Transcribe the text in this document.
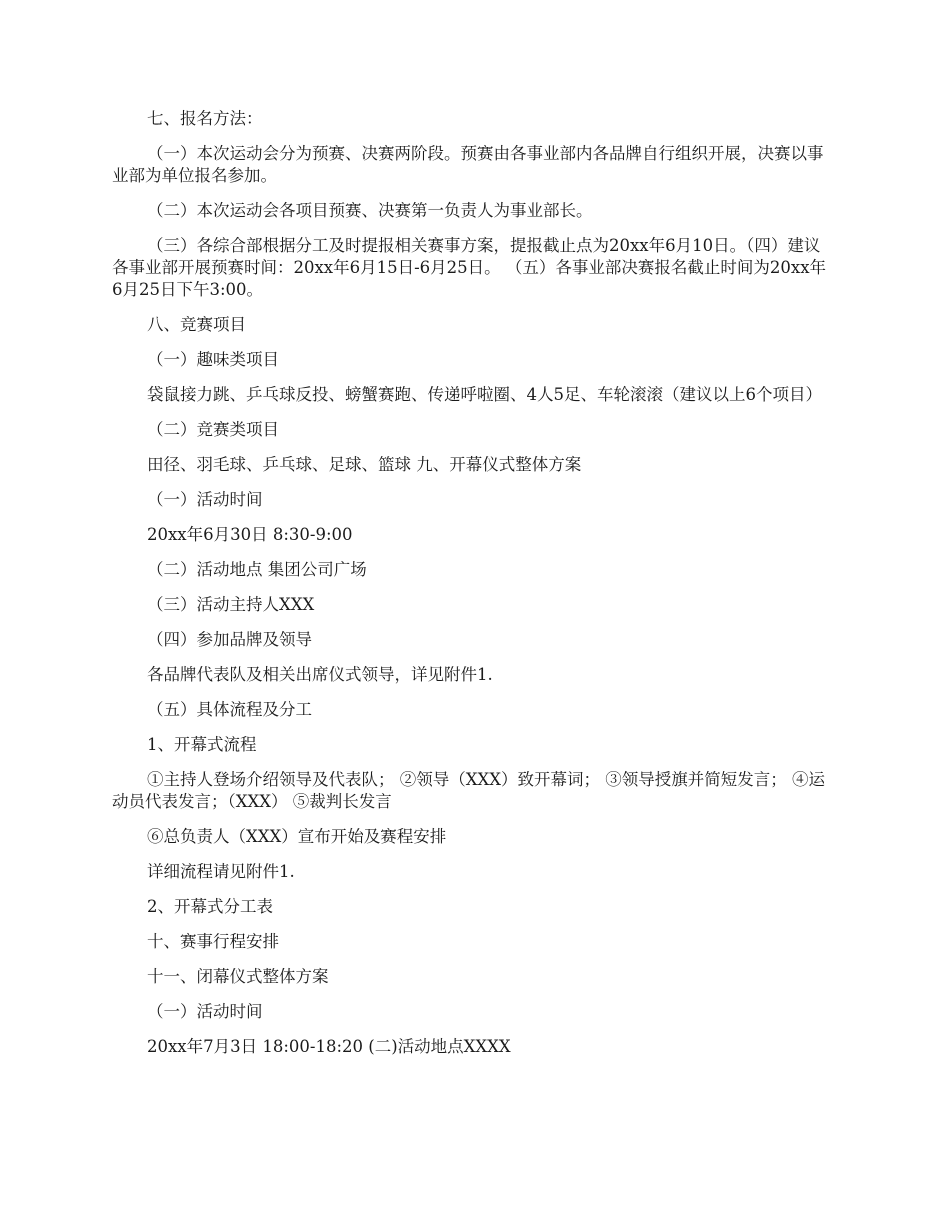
七、报名方法：

（一）本次运动会分为预赛、决赛两阶段。预赛由各事业部内各品牌自行组织开展，决赛以事业部为单位报名参加。

（二）本次运动会各项目预赛、决赛第一负责人为事业部长。

（三）各综合部根据分工及时提报相关赛事方案，提报截止点为20xx年6月10日。（四）建议各事业部开展预赛时间：20xx年6月15日-6月25日。 （五）各事业部决赛报名截止时间为20xx年6月25日下午3:00。

八、竞赛项目

（一）趣味类项目

袋鼠接力跳、乒乓球反投、螃蟹赛跑、传递呼啦圈、4人5足、车轮滚滚（建议以上6个项目）

（二）竞赛类项目

田径、羽毛球、乒乓球、足球、篮球 九、开幕仪式整体方案

（一）活动时间

20xx年6月30日 8:30-9:00

（二）活动地点 集团公司广场

（三）活动主持人XXX

（四）参加品牌及领导

各品牌代表队及相关出席仪式领导，详见附件1.

（五）具体流程及分工

1、开幕式流程

①主持人登场介绍领导及代表队； ②领导（XXX）致开幕词； ③领导授旗并简短发言； ④运动员代表发言；（XXX） ⑤裁判长发言

⑥总负责人（XXX）宣布开始及赛程安排

详细流程请见附件1.

2、开幕式分工表

十、赛事行程安排

十一、闭幕仪式整体方案

（一）活动时间

20xx年7月3日 18:00-18:20 (二)活动地点XXXX
